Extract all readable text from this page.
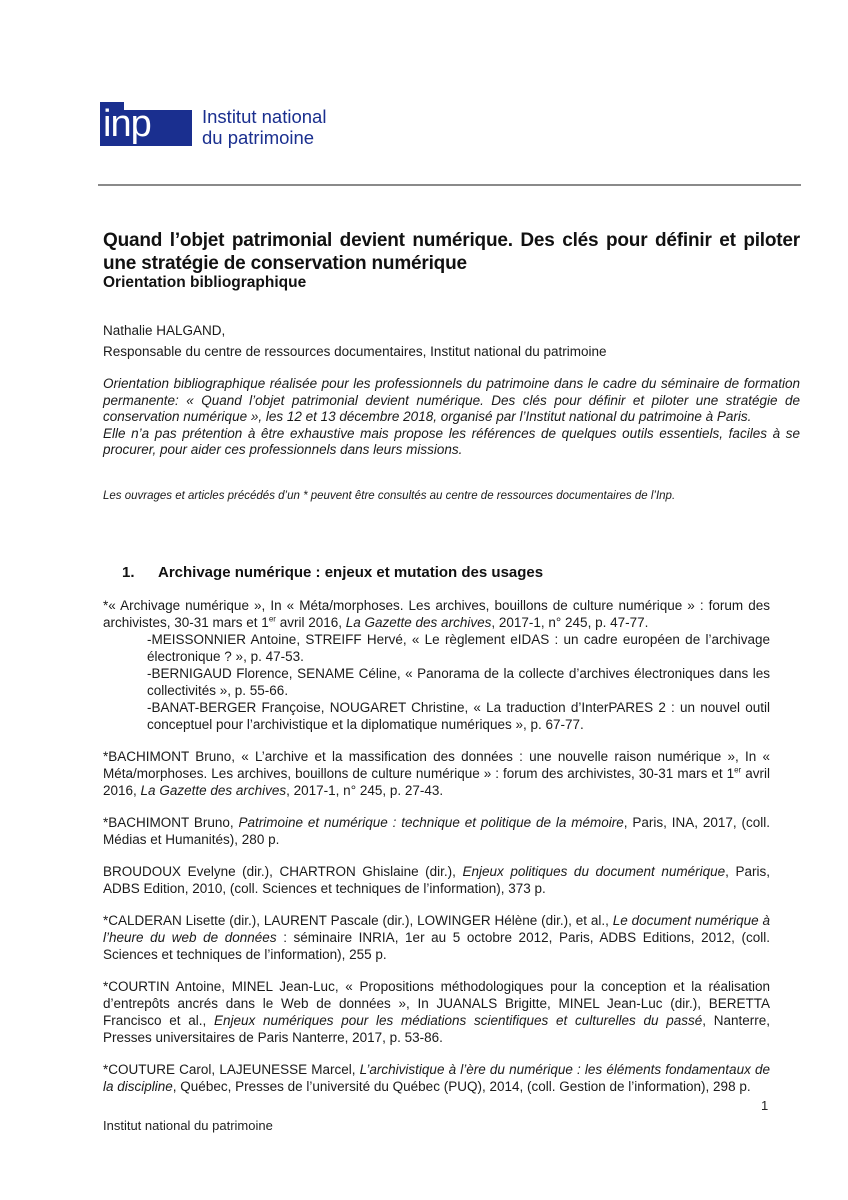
inp	Institut national
du patrimoine
Quand l’objet patrimonial devient numérique. Des clés pour définir et piloter une stratégie de conservation numérique
Orientation bibliographique
Nathalie HALGAND,
Responsable du centre de ressources documentaires, Institut national du patrimoine

Orientation bibliographique réalisée pour les professionnels du patrimoine dans le cadre du séminaire de formation permanente: « Quand l’objet patrimonial devient numérique. Des clés pour définir et piloter une stratégie de conservation numérique », les 12 et 13 décembre 2018, organisé par l’Institut national du patrimoine à Paris.

Elle n’a pas prétention à être exhaustive mais propose les références de quelques outils essentiels, faciles à se procurer, pour aider ces professionnels dans leurs missions.

Les ouvrages et articles précédés d’un * peuvent être consultés au centre de ressources documentaires de l’Inp.
1. Archivage numérique : enjeux et mutation des usages
*« Archivage numérique », In « Méta/morphoses. Les archives, bouillons de culture numérique » : forum des archivistes, 30-31 mars et 1er avril 2016, La Gazette des archives, 2017-1, n° 245, p. 47-77.
-MEISSONNIER Antoine, STREIFF Hervé, « Le règlement eIDAS : un cadre européen de l’archivage électronique ? », p. 47-53.
-BERNIGAUD Florence, SENAME Céline, « Panorama de la collecte d’archives électroniques dans les collectivités », p. 55-66.
-BANAT-BERGER Françoise, NOUGARET Christine, « La traduction d’InterPARES 2 : un nouvel outil conceptuel pour l’archivistique et la diplomatique numériques », p. 67-77.
*BACHIMONT Bruno, « L’archive et la massification des données : une nouvelle raison numérique », In « Méta/morphoses. Les archives, bouillons de culture numérique » : forum des archivistes, 30-31 mars et 1er avril 2016, La Gazette des archives, 2017-1, n° 245, p. 27-43.
*BACHIMONT Bruno, Patrimoine et numérique : technique et politique de la mémoire, Paris, INA, 2017, (coll. Médias et Humanités), 280 p.
BROUDOUX Evelyne (dir.), CHARTRON Ghislaine (dir.), Enjeux politiques du document numérique, Paris, ADBS Edition, 2010, (coll. Sciences et techniques de l’information), 373 p.
*CALDERAN Lisette (dir.), LAURENT Pascale (dir.), LOWINGER Hélène (dir.), et al., Le document numérique à l’heure du web de données : séminaire INRIA, 1er au 5 octobre 2012, Paris, ADBS Editions, 2012, (coll. Sciences et techniques de l’information), 255 p.
*COURTIN Antoine, MINEL Jean-Luc, « Propositions méthodologiques pour la conception et la réalisation d’entrepôts ancrés dans le Web de données », In JUANALS Brigitte, MINEL Jean-Luc (dir.), BERETTA Francisco et al., Enjeux numériques pour les médiations scientifiques et culturelles du passé, Nanterre, Presses universitaires de Paris Nanterre, 2017, p. 53-86.
*COUTURE Carol, LAJEUNESSE Marcel, L’archivistique à l’ère du numérique : les éléments fondamentaux de la discipline, Québec, Presses de l’université du Québec (PUQ), 2014, (coll. Gestion de l’information), 298 p.
1
Institut national du patrimoine
